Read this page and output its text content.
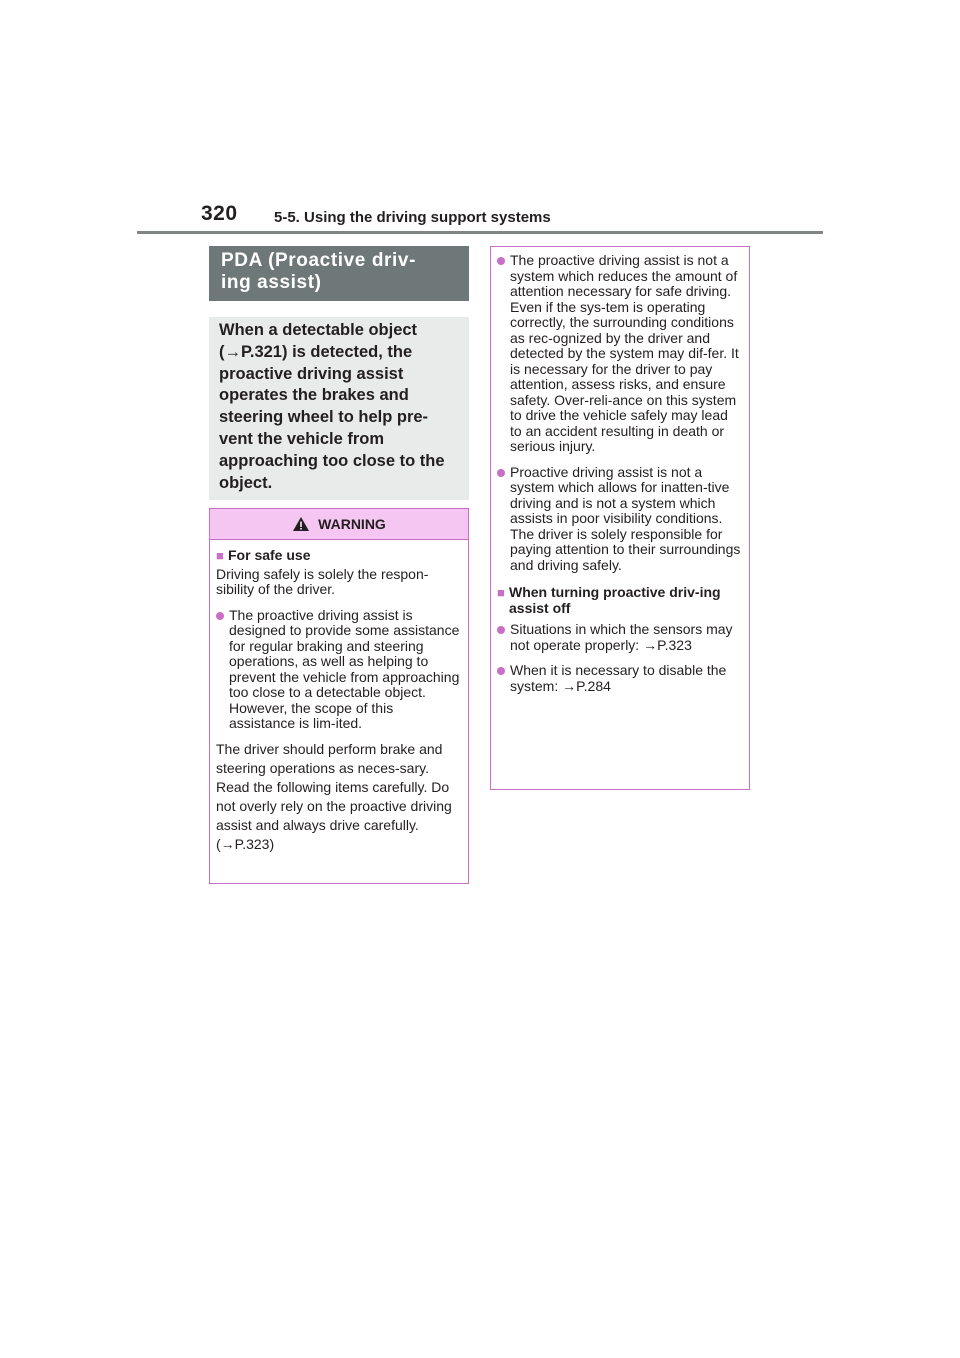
320 5-5. Using the driving support systems
PDA (Proactive driv-
ing assist)
When a detectable object (→P.321) is detected, the proactive driving assist operates the brakes and steering wheel to help pre-vent the vehicle from approaching too close to the object.
WARNING
■ For safe use
Driving safely is solely the respon-sibility of the driver.
The proactive driving assist is designed to provide some assistance for regular braking and steering operations, as well as helping to prevent the vehicle from approaching too close to a detectable object. However, the scope of this assistance is lim-ited.
The driver should perform brake and steering operations as neces-sary. Read the following items carefully. Do not overly rely on the proactive driving assist and always drive carefully. (→P.323)
The proactive driving assist is not a system which reduces the amount of attention necessary for safe driving. Even if the sys-tem is operating correctly, the surrounding conditions as rec-ognized by the driver and detected by the system may dif-fer. It is necessary for the driver to pay attention, assess risks, and ensure safety. Over-reli-ance on this system to drive the vehicle safely may lead to an accident resulting in death or serious injury.
Proactive driving assist is not a system which allows for inatten-tive driving and is not a system which assists in poor visibility conditions. The driver is solely responsible for paying attention to their surroundings and driving safely.
■ When turning proactive driv-ing assist off
Situations in which the sensors may not operate properly: →P.323
When it is necessary to disable the system: →P.284
